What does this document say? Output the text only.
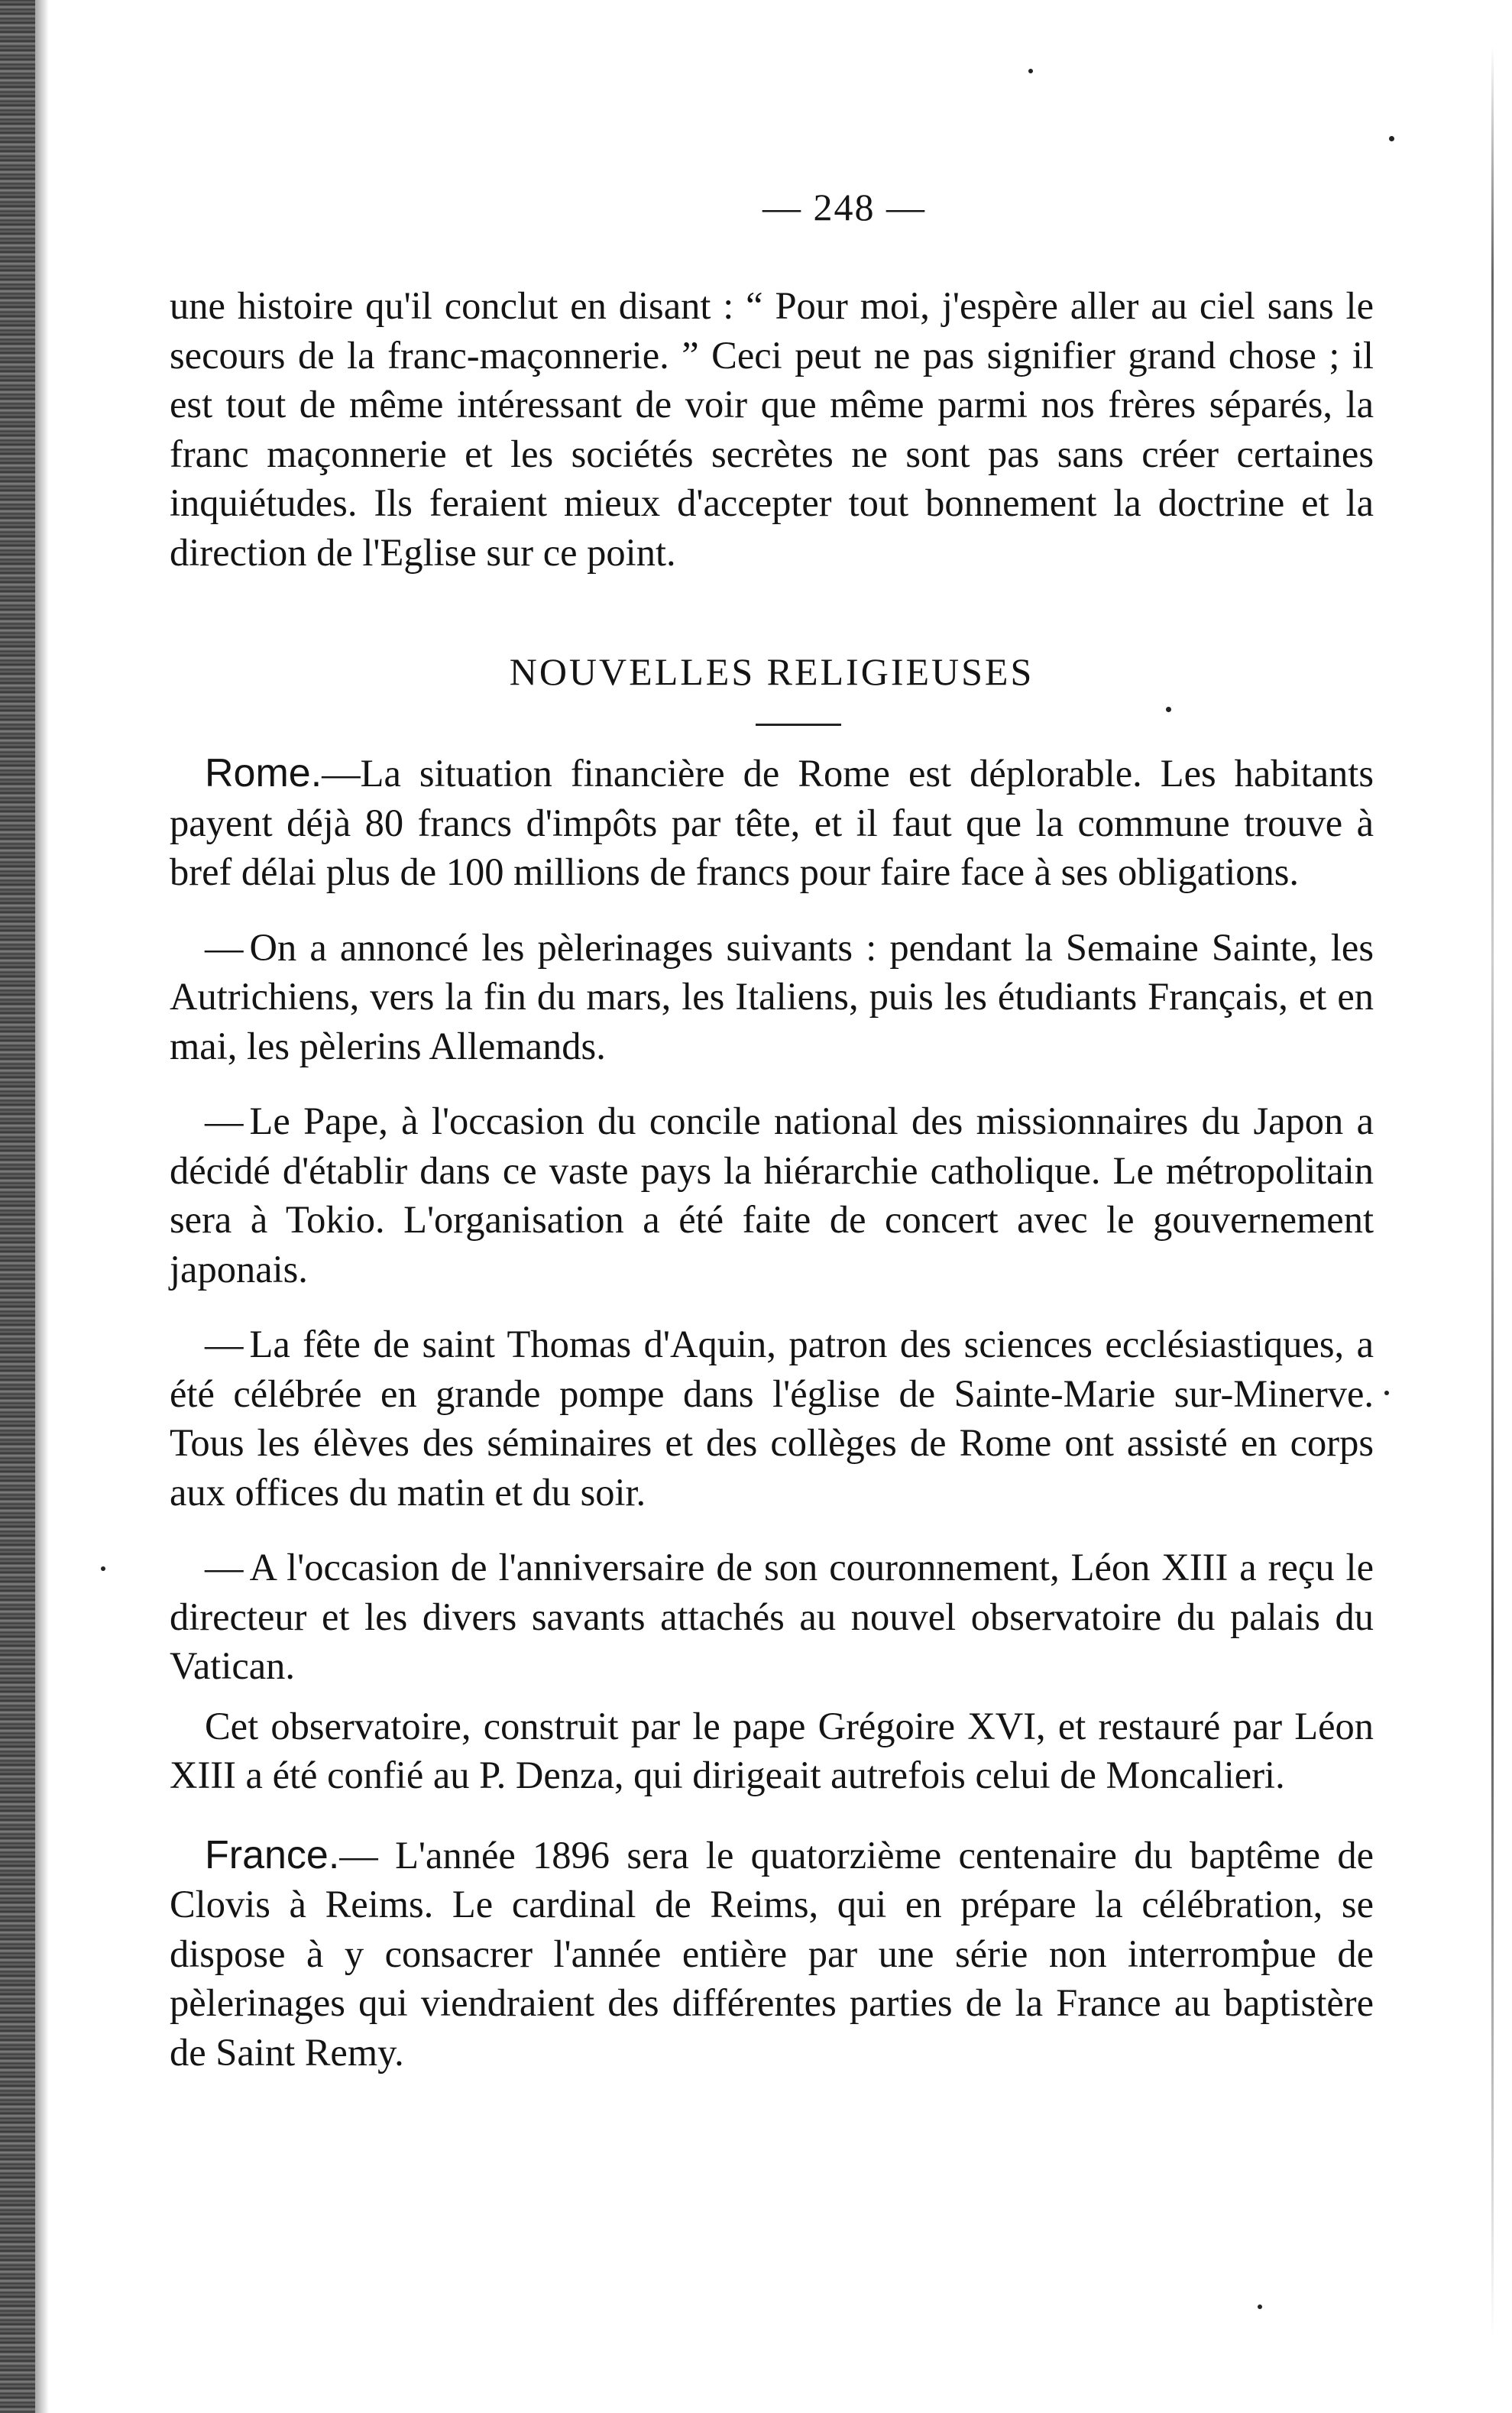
— 248 —

une histoire qu'il conclut en disant : “ Pour moi, j'espère aller au ciel sans le secours de la franc-maçonnerie. ” Ceci peut ne pas signifier grand chose ; il est tout de même intéressant de voir que même parmi nos frères séparés, la franc maçonnerie et les sociétés secrètes ne sont pas sans créer certaines inquiétudes. Ils feraient mieux d'accepter tout bonnement la doctrine et la direction de l'Eglise sur ce point.

NOUVELLES RELIGIEUSES

Rome.—La situation financière de Rome est déplorable. Les habitants payent déjà 80 francs d'impôts par tête, et il faut que la commune trouve à bref délai plus de 100 millions de francs pour faire face à ses obligations.

— On a annoncé les pèlerinages suivants : pendant la Semaine Sainte, les Autrichiens, vers la fin du mars, les Italiens, puis les étudiants Français, et en mai, les pèlerins Allemands.

— Le Pape, à l'occasion du concile national des missionnaires du Japon a décidé d'établir dans ce vaste pays la hiérarchie catholique. Le métropolitain sera à Tokio. L'organisation a été faite de concert avec le gouvernement japonais.

— La fête de saint Thomas d'Aquin, patron des sciences ecclésiastiques, a été célébrée en grande pompe dans l'église de Sainte-Marie sur-Minerve. Tous les élèves des séminaires et des collèges de Rome ont assisté en corps aux offices du matin et du soir.

— A l'occasion de l'anniversaire de son couronnement, Léon XIII a reçu le directeur et les divers savants attachés au nouvel observatoire du palais du Vatican.

Cet observatoire, construit par le pape Grégoire XVI, et restauré par Léon XIII a été confié au P. Denza, qui dirigeait autrefois celui de Moncalieri.

France.— L'année 1896 sera le quatorzième centenaire du baptême de Clovis à Reims. Le cardinal de Reims, qui en prépare la célébration, se dispose à y consacrer l'année entière par une série non interrompue de pèlerinages qui viendraient des différentes parties de la France au baptistère de Saint Remy.
